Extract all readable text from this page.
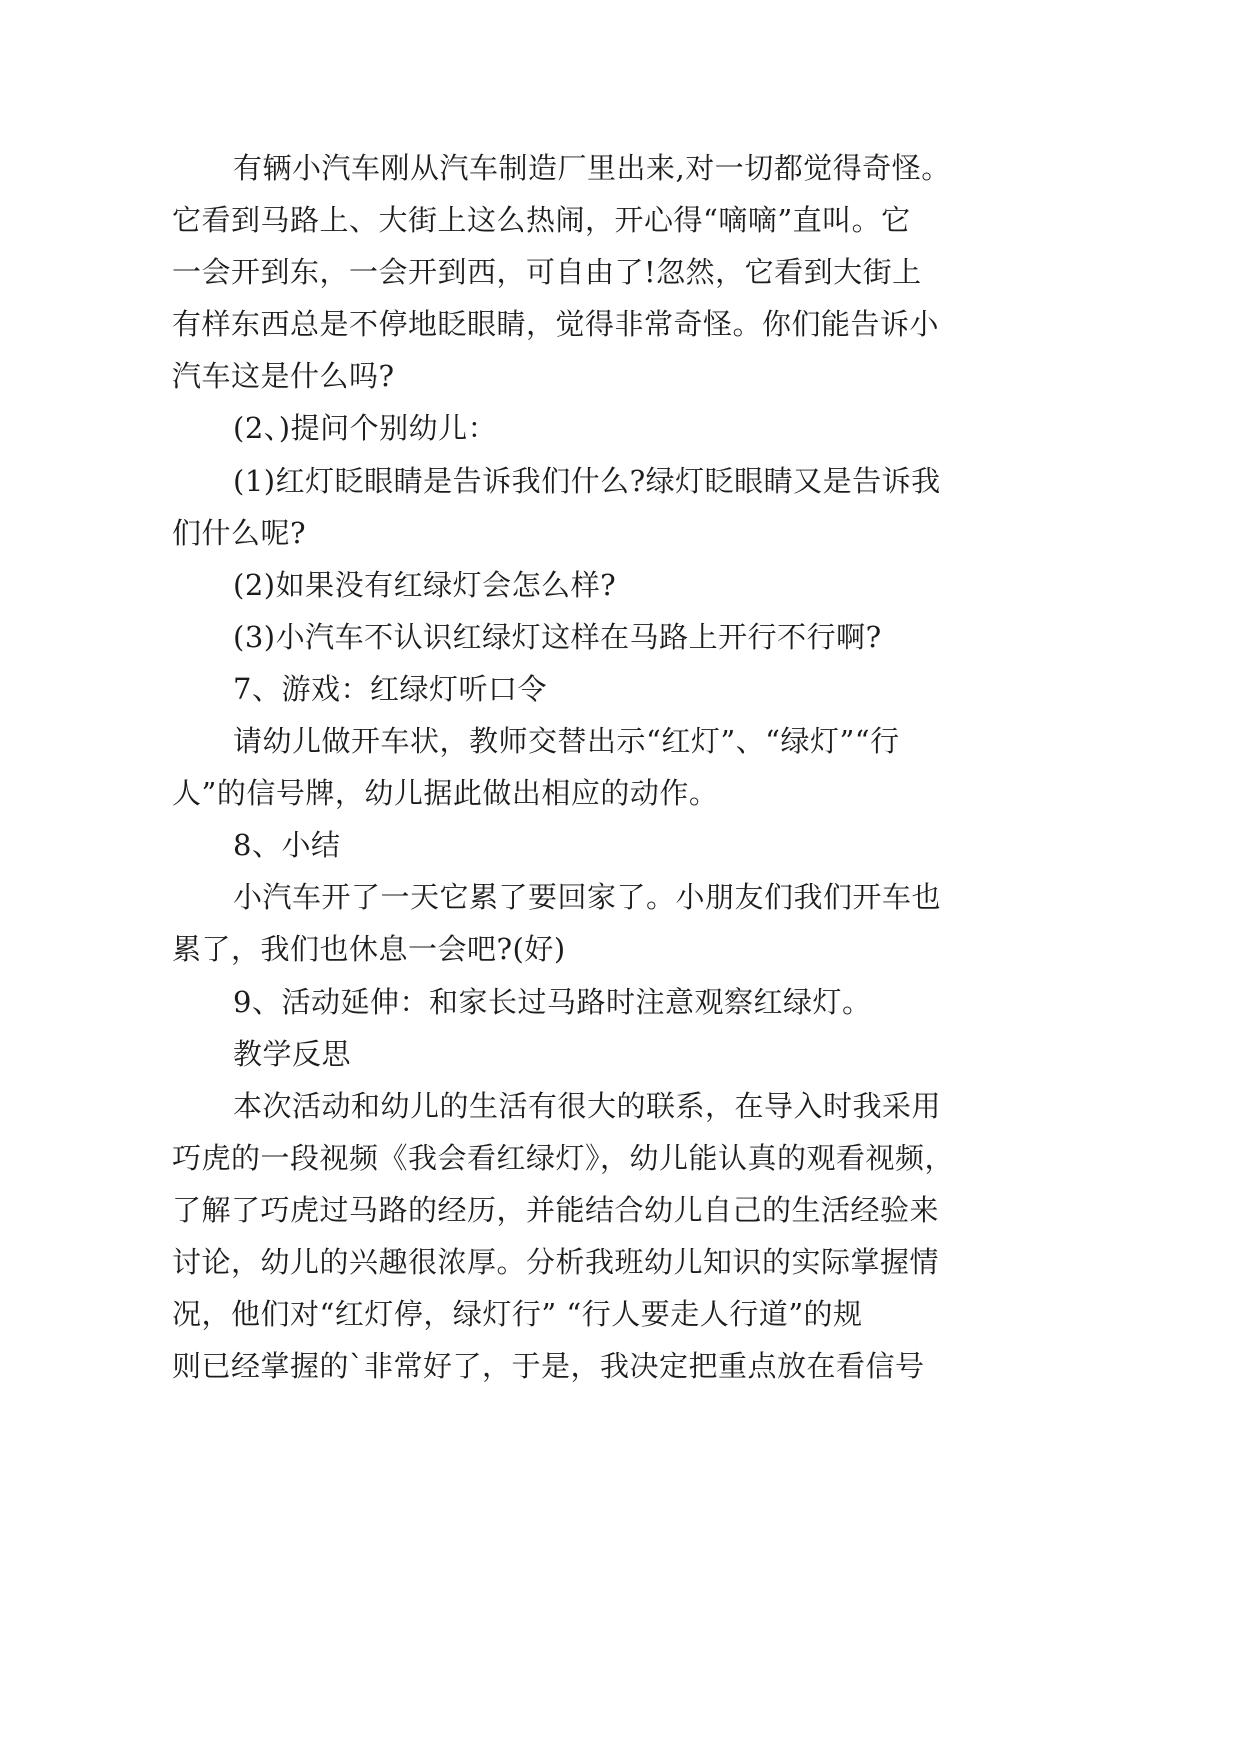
有辆小汽车刚从汽车制造厂里出来,对一切都觉得奇怪。
它看到马路上、大街上这么热闹，开心得“嘀嘀”直叫。它
一会开到东，一会开到西，可自由了!忽然，它看到大街上
有样东西总是不停地眨眼睛，觉得非常奇怪。你们能告诉小
汽车这是什么吗?
(2、)提问个别幼儿：
(1)红灯眨眼睛是告诉我们什么?绿灯眨眼睛又是告诉我
们什么呢?
(2)如果没有红绿灯会怎么样?
(3)小汽车不认识红绿灯这样在马路上开行不行啊?
7、游戏：红绿灯听口令
请幼儿做开车状，教师交替出示“红灯”、“绿灯”“行
人”的信号牌，幼儿据此做出相应的动作。
8、小结
小汽车开了一天它累了要回家了。小朋友们我们开车也
累了，我们也休息一会吧?(好)
9、活动延伸：和家长过马路时注意观察红绿灯。
教学反思
本次活动和幼儿的生活有很大的联系，在导入时我采用
巧虎的一段视频《我会看红绿灯》，幼儿能认真的观看视频，
了解了巧虎过马路的经历，并能结合幼儿自己的生活经验来
讨论，幼儿的兴趣很浓厚。分析我班幼儿知识的实际掌握情
况，他们对“红灯停，绿灯行” “行人要走人行道”的规
则已经掌握的`非常好了，于是，我决定把重点放在看信号
